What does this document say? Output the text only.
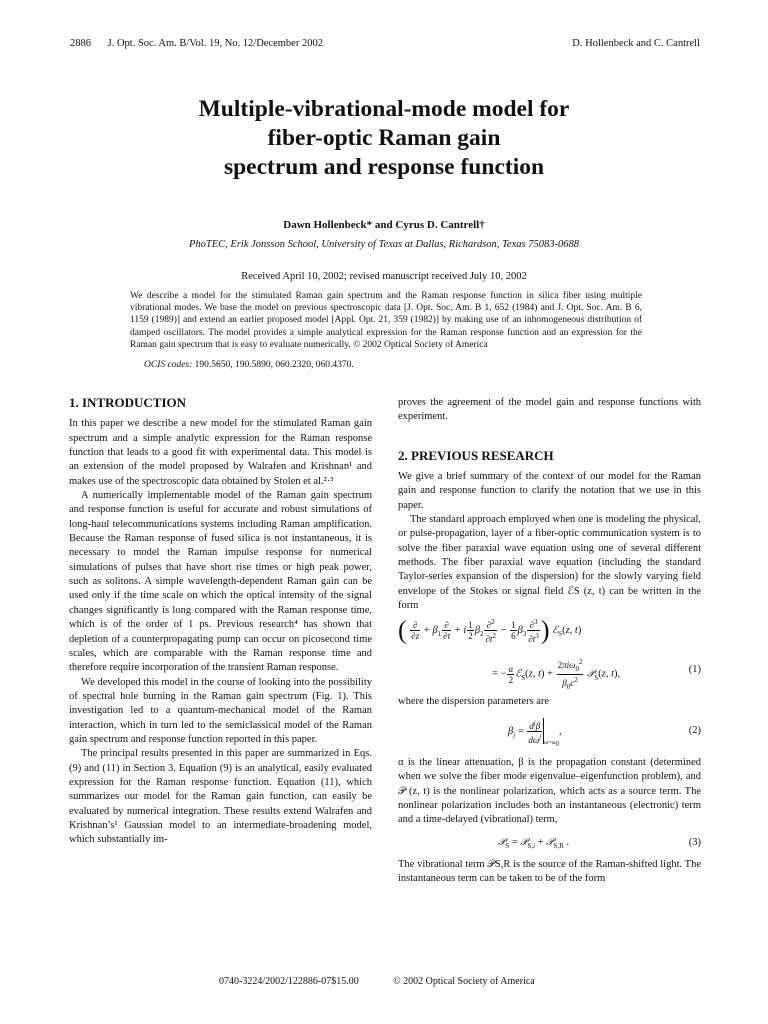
2886 J. Opt. Soc. Am. B/Vol. 19, No. 12/December 2002	D. Hollenbeck and C. Cantrell
Multiple-vibrational-mode model for
fiber-optic Raman gain
spectrum and response function
Dawn Hollenbeck* and Cyrus D. Cantrell†
PhoTEC, Erik Jonsson School, University of Texas at Dallas, Richardson, Texas 75083-0688
Received April 10, 2002; revised manuscript received July 10, 2002
We describe a model for the stimulated Raman gain spectrum and the Raman response function in silica fiber using multiple vibrational modes. We base the model on previous spectroscopic data [J. Opt. Soc. Am. B 1, 652 (1984) and J. Opt. Soc. Am. B 6, 1159 (1989)] and extend an earlier proposed model [Appl. Opt. 21, 359 (1982)] by making use of an inhomogeneous distribution of damped oscillators. The model provides a simple analytical expression for the Raman response function and an expression for the Raman gain spectrum that is easy to evaluate numerically. © 2002 Optical Society of America
OCIS codes: 190.5650, 190.5890, 060.2320, 060.4370.
1. INTRODUCTION

In this paper we describe a new model for the stimulated Raman gain spectrum and a simple analytic expression for the Raman response function that leads to a good fit with experimental data. This model is an extension of the model proposed by Walrafen and Krishnan¹ and makes use of the spectroscopic data obtained by Stolen et al.²·³

A numerically implementable model of the Raman gain spectrum and response function is useful for accurate and robust simulations of long-haul telecommunications systems including Raman amplification. Because the Raman response of fused silica is not instantaneous, it is necessary to model the Raman impulse response for numerical simulations of pulses that have short rise times or high peak power, such as solitons. A simple wavelength-dependent Raman gain can be used only if the time scale on which the optical intensity of the signal changes significantly is long compared with the Raman response time, which is of the order of 1 ps. Previous research⁴ has shown that depletion of a counterpropagating pump can occur on picosecond time scales, which are comparable with the Raman response time and therefore require incorporation of the transient Raman response.

We developed this model in the course of looking into the possibility of spectral hole burning in the Raman gain spectrum (Fig. 1). This investigation led to a quantum-mechanical model of the Raman interaction, which in turn led to the semiclassical model of the Raman gain spectrum and response function reported in this paper.

The principal results presented in this paper are summarized in Eqs. (9) and (11) in Section 3. Equation (9) is an analytical, easily evaluated expression for the Raman response function. Equation (11), which summarizes our model for the Raman gain function, can easily be evaluated by numerical integration. These results extend Walrafen and Krishnan’s¹ Gaussian model to an intermediate-broadening model, which substantially im-

proves the agreement of the model gain and response functions with experiment.

2. PREVIOUS RESEARCH

We give a brief summary of the context of our model for the Raman gain and response function to clarify the notation that we use in this paper.

The standard approach employed when one is modeling the physical, or pulse-propagation, layer of a fiber-optic communication system is to solve the fiber paraxial wave equation using one of several different methods. The fiber paraxial wave equation (including the standard Taylor-series expansion of the dispersion) for the slowly varying field envelope of the Stokes or signal field ℰS (z, t) can be written in the form

( $\frac{\partial}{\partial z} + \beta_1 \frac{\partial}{\partial t} + i \frac{1}{2} \beta_2 \frac{\partial^2}{\partial t^2} - \frac{1}{6} \beta_3 \frac{\partial^3}{\partial t^3}$ ) ℰ$_S$(z, t)
= − $\frac{\alpha}{2}$ ℰ$_S$(z, $t) + \frac{2\pi i\omega_0^2}{\beta_0c^2}$ 𝒫$_S$(z, t),	(1)

where the dispersion parameters are

$\beta_j = \frac{d^j\beta}{d\omega^j} _{\omega=\omega_0}$,	(2)

α is the linear attenuation, β is the propagation constant (determined when we solve the fiber mode eigenvalue–eigenfunction problem), and 𝒫 (z, t) is the nonlinear polarization, which acts as a source term. The nonlinear polarization includes both an instantaneous (electronic) term and a time-delayed (vibrational) term,

𝒫$_S$ = 𝒫$_{S,i}$ + 𝒫$_{S,R}$ .	(3)

The vibrational term 𝒫S,R is the source of the Raman-shifted light. The instantaneous term can be taken to be of the form

0740-3224/2002/122886-07$15.00	© 2002 Optical Society of America
